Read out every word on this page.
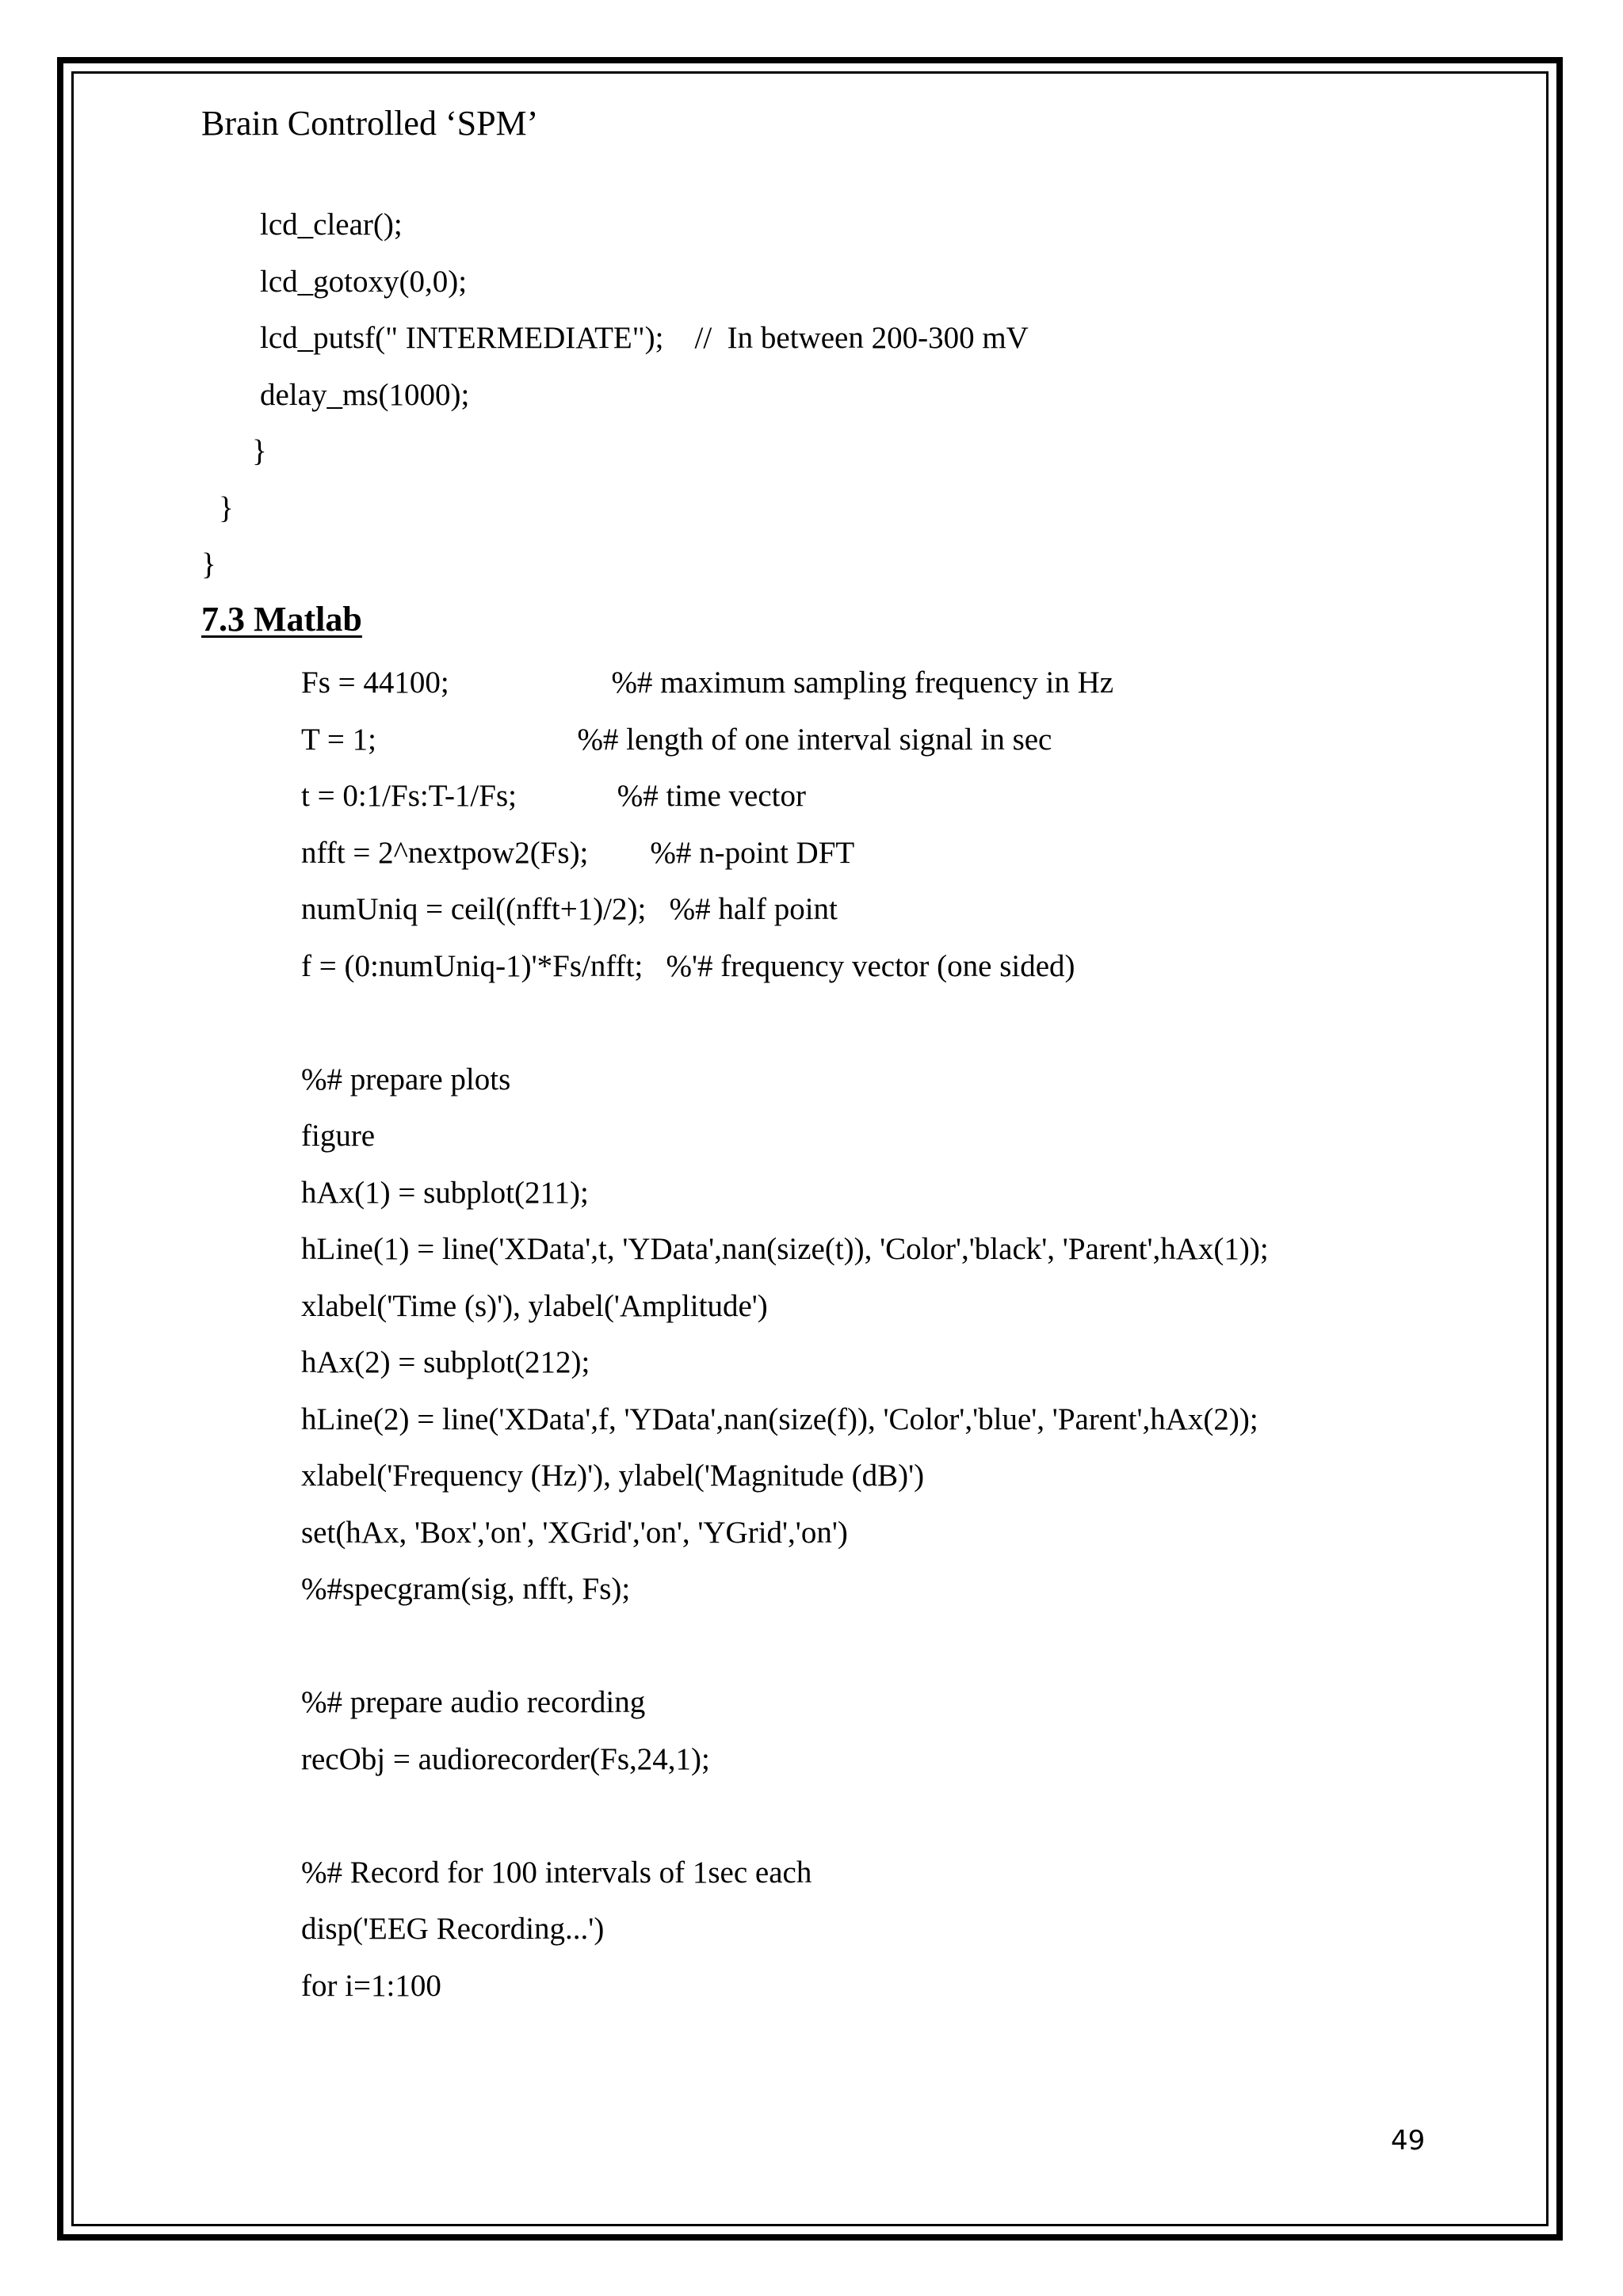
Brain Controlled ‘SPM’
lcd_clear();
lcd_gotoxy(0,0);
lcd_putsf(" INTERMEDIATE");    //  In between 200-300 mV
delay_ms(1000);
}
}
}
7.3 Matlab
Fs = 44100;                     %# maximum sampling frequency in Hz
T = 1;                          %# length of one interval signal in sec
t = 0:1/Fs:T-1/Fs;             %# time vector
nfft = 2^nextpow2(Fs);        %# n-point DFT
numUniq = ceil((nfft+1)/2);   %# half point
f = (0:numUniq-1)'*Fs/nfft;   %'# frequency vector (one sided)
%# prepare plots
figure
hAx(1) = subplot(211);
hLine(1) = line('XData',t, 'YData',nan(size(t)), 'Color','black', 'Parent',hAx(1));
xlabel('Time (s)'), ylabel('Amplitude')
hAx(2) = subplot(212);
hLine(2) = line('XData',f, 'YData',nan(size(f)), 'Color','blue', 'Parent',hAx(2));
xlabel('Frequency (Hz)'), ylabel('Magnitude (dB)')
set(hAx, 'Box','on', 'XGrid','on', 'YGrid','on')
%#specgram(sig, nfft, Fs);
%# prepare audio recording
recObj = audiorecorder(Fs,24,1);
%# Record for 100 intervals of 1sec each
disp('EEG Recording...')
for i=1:100
49
